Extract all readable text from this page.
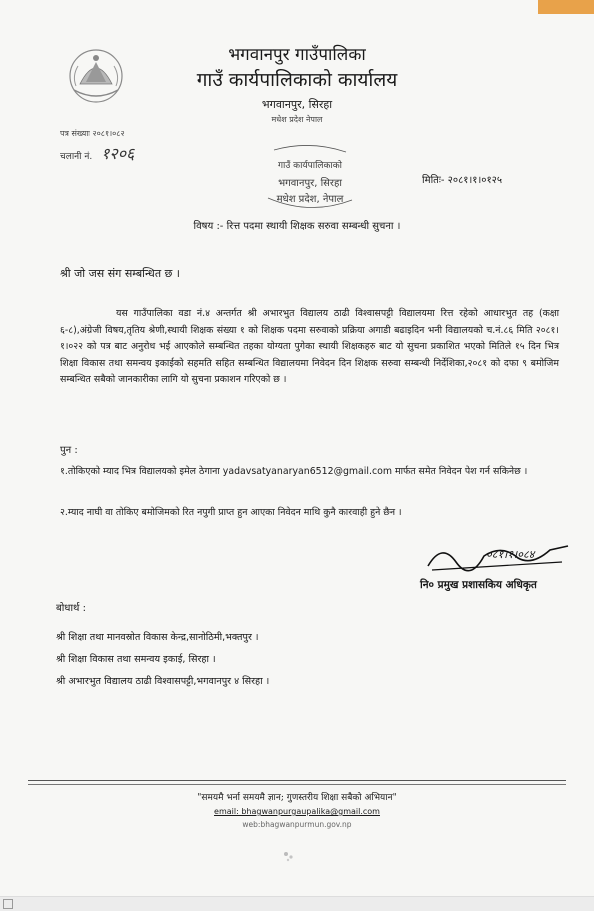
भगवानपुर गाउँपालिका
गाउँ कार्यपालिकाको कार्यालय
भगवानपुर, सिरहा
मधेश प्रदेश नेपाल
पत्र संख्याः २०८१।०८२
चलानी नं. १२०६
गाउँ कार्यपालिकाको
भगवानपुर, सिरहा
मधेश प्रदेश, नेपाल
मितिः- २०८१।१।०१२५
विषय :- रित्त पदमा स्थायी शिक्षक सरुवा सम्बन्धी सुचना ।
श्री जो जस संग सम्बन्धित छ ।
यस गाउँपालिका वडा नं.४ अन्तर्गत श्री अभारभुत विद्यालय ठाढी विश्वासपट्टी विद्यालयमा रित्त रहेको आधारभुत तह (कक्षा ६-८),अंग्रेजी विषय,तृतिय श्रेणी,स्थायी शिक्षक संख्या १ को शिक्षक पदमा सरुवाको प्रक्रिया अगाडी बढाइदिन भनी विद्यालयको च.नं.८६ मिति २०८१।१।०२२ को पत्र बाट अनुरोध भई आएकोले सम्बन्धित तहका योग्यता पुगेका स्थायी शिक्षकहरु बाट यो सुचना प्रकाशित भएको मितिले १५ दिन भित्र शिक्षा विकास तथा समन्वय इकाईको सहमति सहित सम्बन्धित विद्यालयमा निवेदन दिन शिक्षक सरुवा सम्बन्धी निर्देशिका,२०८१ को दफा ९ बमोजिम सम्बन्धित सबैको जानकारीका लागि यो सुचना प्रकाशन गरिएको छ ।
पुन :
१.तोकिएको म्याद भित्र विद्यालयको इमेल ठेगाना yadavsatyanaryan6512@gmail.com मार्फत समेत निवेदन पेश गर्न सकिनेछ ।
२.म्याद नाघी वा तोकिए बमोजिमको रित नपुगी प्राप्त हुन आएका निवेदन माथि कुनै कारवाही हुने छैन ।
०८१।१।०८४
नि० प्रमुख प्रशासकिय अधिकृत
बोधार्थ :
श्री शिक्षा तथा मानवस्रोत विकास केन्द्र,सानोठिमी,भक्तपुर ।
श्री शिक्षा विकास तथा समन्वय इकाई, सिरहा ।
श्री अभारभुत विद्यालय ठाढी विश्वासपट्टी,भगवानपुर ४ सिरहा ।
"समयमै भर्ना समयमै ज्ञान; गुणस्तरीय शिक्षा सबैको अभियान"
email: bhagwanpurgaupalika@gmail.com
web:bhagwanpurmun.gov.np
